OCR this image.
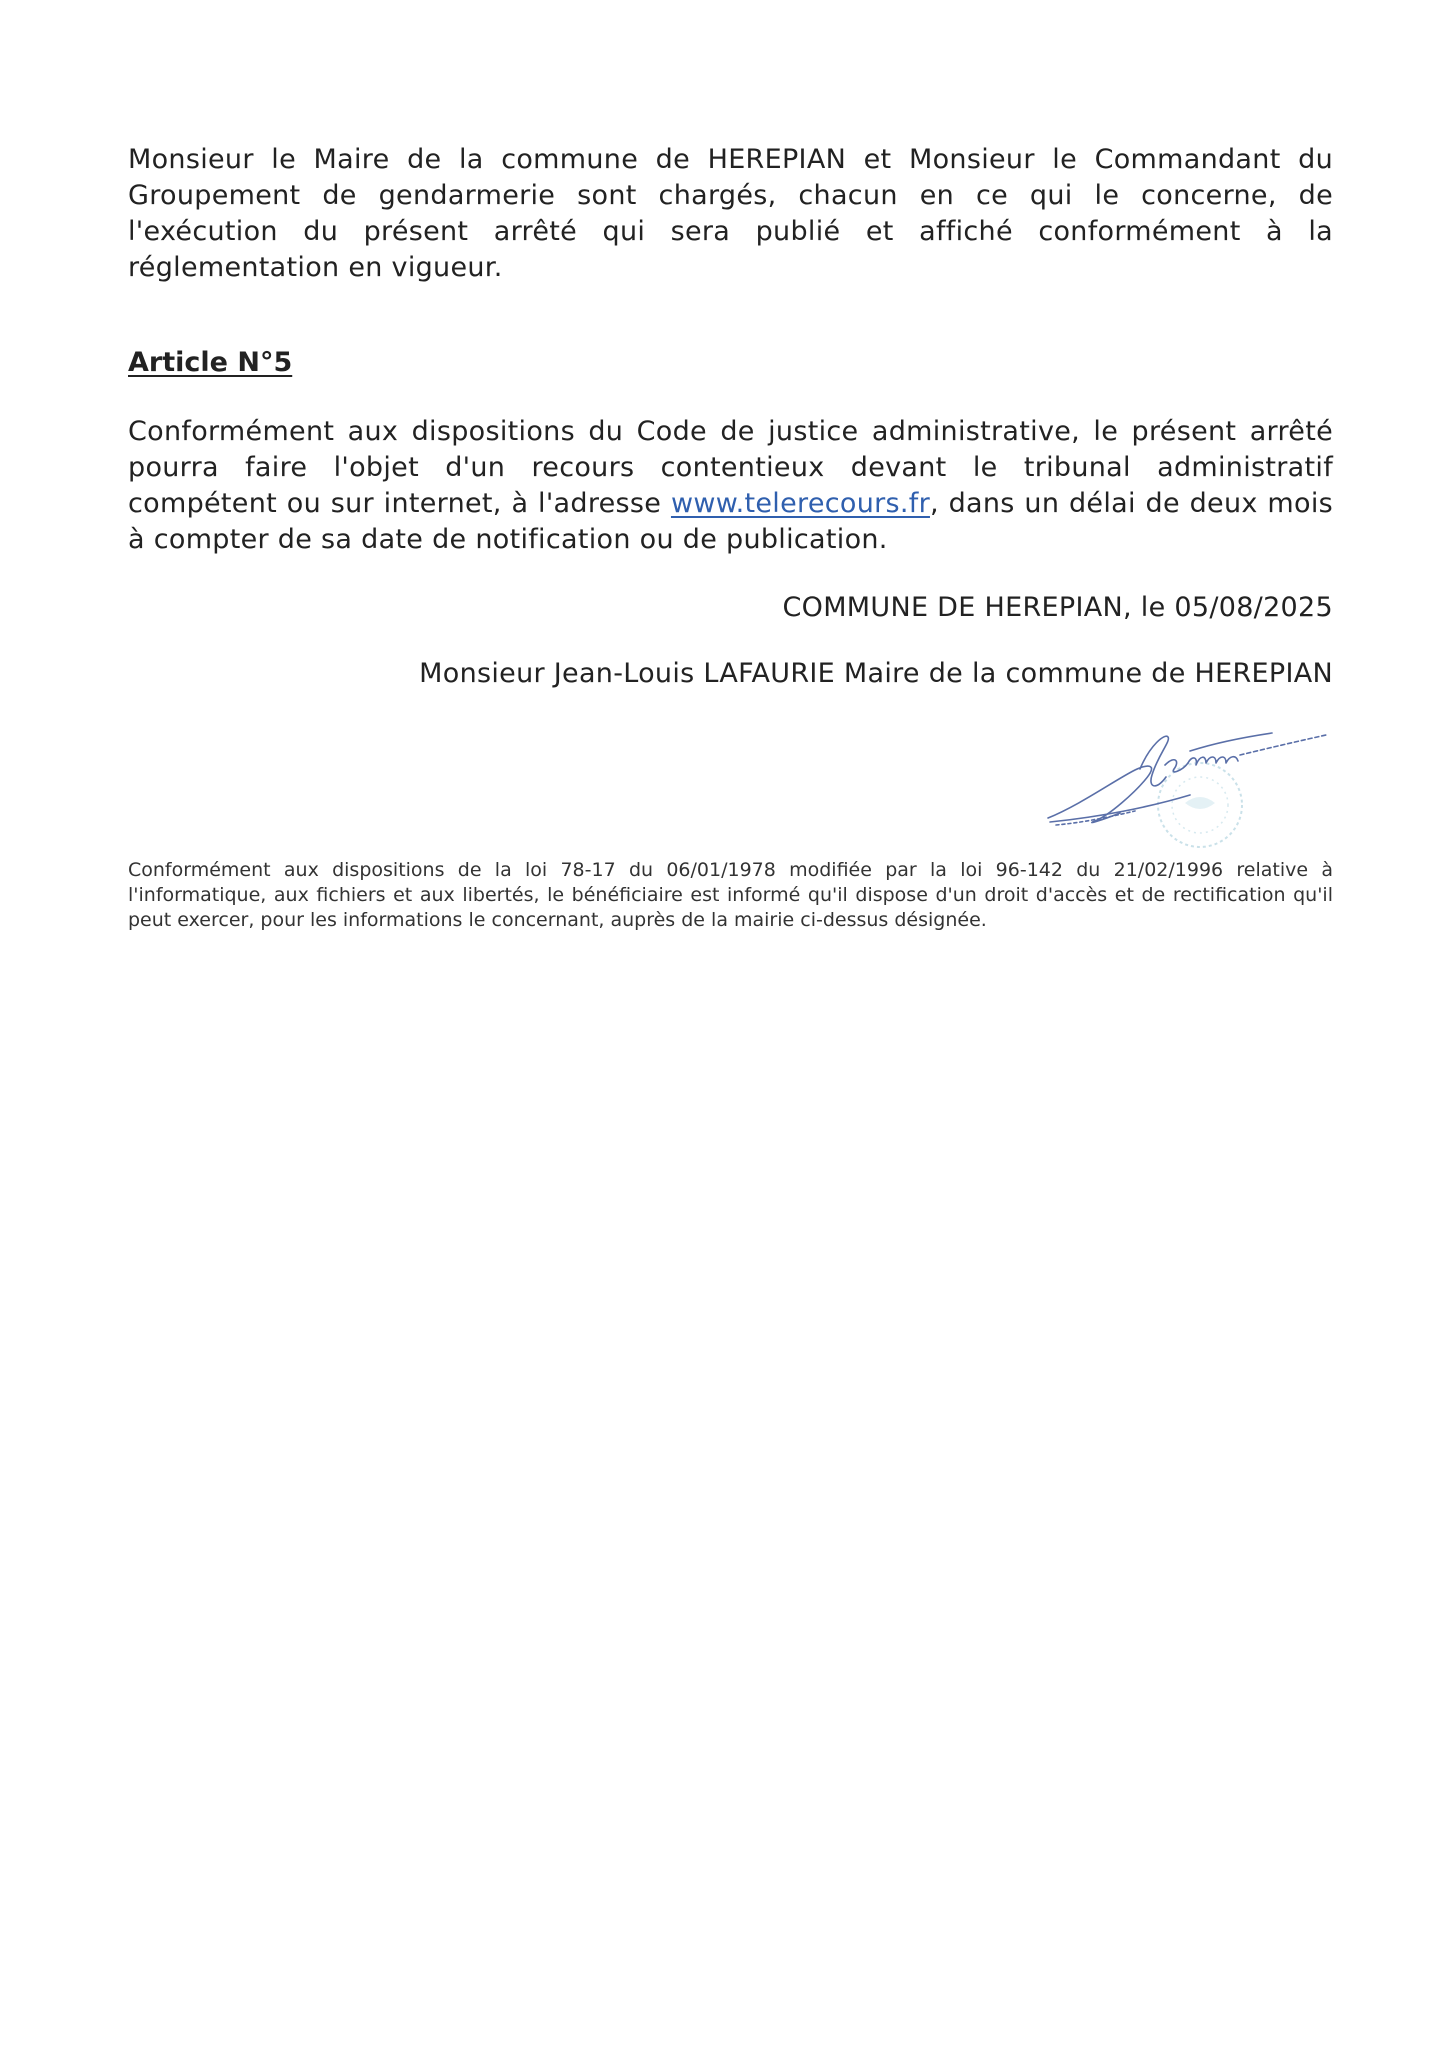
Monsieur le Maire de la commune de HEREPIAN et Monsieur le Commandant du Groupement de gendarmerie sont chargés, chacun en ce qui le concerne, de l'exécution du présent arrêté qui sera publié et affiché conformément à la réglementation en vigueur.
Article N°5
Conformément aux dispositions du Code de justice administrative, le présent arrêté pourra faire l'objet d'un recours contentieux devant le tribunal administratif compétent ou sur internet, à l'adresse www.telerecours.fr, dans un délai de deux mois à compter de sa date de notification ou de publication.
COMMUNE DE HEREPIAN, le 05/08/2025
Monsieur Jean-Louis LAFAURIE Maire de la commune de HEREPIAN

Conformément aux dispositions de la loi 78-17 du 06/01/1978 modifiée par la loi 96-142 du 21/02/1996 relative à l'informatique, aux fichiers et aux libertés, le bénéficiaire est informé qu'il dispose d'un droit d'accès et de rectification qu'il peut exercer, pour les informations le concernant, auprès de la mairie ci-dessus désignée.
